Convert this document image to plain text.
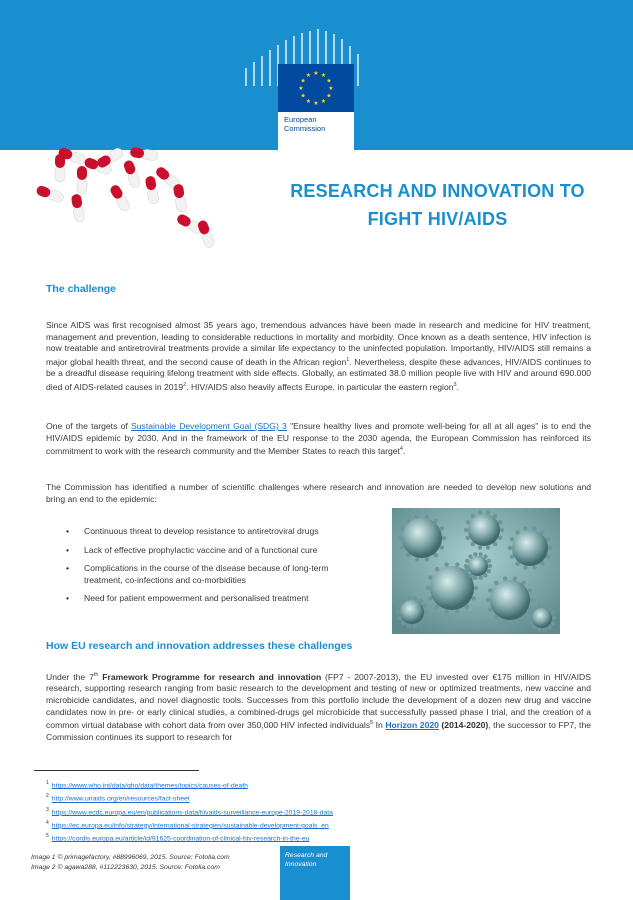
★ ★
★
★
★
★
★
★
★
★
★
★
European
Commission
RESEARCH AND INNOVATION TO
FIGHT HIV/AIDS
The challenge

Since AIDS was first recognised almost 35 years ago, tremendous advances have been made in research and medicine for HIV treatment, management and prevention, leading to considerable reductions in mortality and morbidity. Once known as a death sentence, HIV infection is now treatable and antiretroviral treatments provide a similar life expectancy to the uninfected population. Importantly, HIV/AIDS still remains a major global health threat, and the second cause of death in the African region$^1$. Nevertheless, despite these advances, HIV/AIDS continues to be a dreadful disease requiring lifelong treatment with side effects. Globally, an estimated 38.0 million people live with HIV and around 690.000 died of AIDS-related causes in 2019$^2$. HIV/AIDS also heavily affects Europe, in particular the eastern region$^3$.

One of the targets of Sustainable Development Goal (SDG) 3 "Ensure healthy lives and promote well-being for all at all ages" is to end the HIV/AIDS epidemic by 2030. And in the framework of the EU response to the 2030 agenda, the European Commission has reinforced its commitment to work with the research community and the Member States to reach this target$^4$.

The Commission has identified a number of scientific challenges where research and innovation are needed to develop new solutions and bring an end to the epidemic:

• Continuous threat to develop resistance to antiretroviral drugs
• Lack of effective prophylactic vaccine and of a functional cure
• Complications in the course of the disease because of long-term treatment, co-infections and co-morbidities
• Need for patient empowerment and personalised treatment
How EU research and innovation addresses these challenges

Under the 7th Framework Programme for research and innovation (FP7 - 2007-2013), the EU invested over €175 million in HIV/AIDS research, supporting research ranging from basic research to the development and testing of new or optimized treatments, new vaccine and microbicide candidates, and novel diagnostic tools. Successes from this portfolio include the development of a dozen new drug and vaccine candidates now in pre- or early clinical studies, a combined-drugs gel microbicide that successfully passed phase I trial, and the creation of a common virtual database with cohort data from over 350,000 HIV infected individuals$^5$ In Horizon 2020 (2014-2020), the successor to FP7, the Commission continues its support to research for

$^1$ https://www.who.int/data/gho/data/themes/topics/causes-of-death
$^2$ http://www.unaids.org/en/resources/fact-sheet
$^3$ https://www.ecdc.europa.eu/en/publications-data/hivaids-surveillance-europe-2019-2018-data
$^4$ https://ec.europa.eu/info/strategy/international-strategies/sustainable-development-goals_en
$^5$ https://cordis.europa.eu/article/id/91625-coordination-of-clinical-hiv-research-in-the-eu
Image 1 © primagefactory, #88996069, 2015. Source: Fotolia.com
Image 2 © agawa288, #112223630, 2015. Source: Fotolia.com
Research and
Innovation
